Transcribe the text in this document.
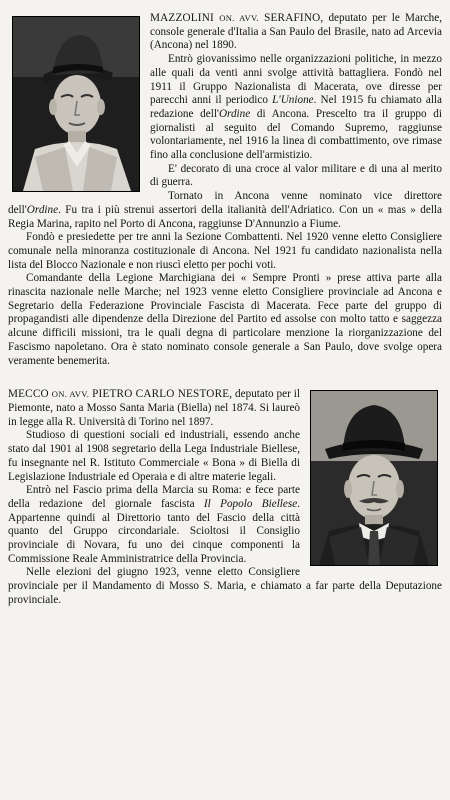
MAZZOLINI ON. AVV. SERAFINO, deputato per le Marche, console generale d'Italia a San Paulo del Brasile, nato ad Arcevia (Ancona) nel 1890.

Entrò giovanissimo nelle organizzazioni politiche, in mezzo alle quali da venti anni svolge attività battagliera. Fondò nel 1911 il Gruppo Nazionalista di Macerata, ove diresse per parecchi anni il periodico L'Unione. Nel 1915 fu chiamato alla redazione dell'Ordine di Ancona. Prescelto tra il gruppo di giornalisti al seguito del Comando Supremo, raggiunse volontariamente, nel 1916 la linea di combattimento, ove rimase fino alla conclusione dell'armistizio.

E' decorato di una croce al valor militare e di una al merito di guerra.

Tornato in Ancona venne nominato vice direttore dell'Ordine. Fu tra i più strenui assertori della italianità dell'Adriatico. Con un « mas » della Regia Marina, rapito nel Porto di Ancona, raggiunse D'Annunzio a Fiume.

Fondò e presiedette per tre anni la Sezione Combattenti. Nel 1920 venne eletto Consigliere comunale nella minoranza costituzionale di Ancona. Nel 1921 fu candidato nazionalista nella lista del Blocco Nazionale e non riuscì eletto per pochi voti.

Comandante della Legione Marchigiana dei « Sempre Pronti » prese attiva parte alla rinascita nazionale nelle Marche; nel 1923 venne eletto Consigliere provinciale ad Ancona e Segretario della Federazione Provinciale Fascista di Macerata. Fece parte del gruppo di propagandisti alle dipendenze della Direzione del Partito ed assolse con molto tatto e saggezza alcune difficili missioni, tra le quali degna di particolare menzione la riorganizzazione del Fascismo napoletano. Ora è stato nominato console generale a San Paulo, dove svolge opera veramente benemerita.

MECCO ON. AVV. PIETRO CARLO NESTORE, deputato per il Piemonte, nato a Mosso Santa Maria (Biella) nel 1874. Si laureò in legge alla R. Università di Torino nel 1897.

Studioso di questioni sociali ed industriali, essendo anche stato dal 1901 al 1908 segretario della Lega Industriale Biellese, fu insegnante nel R. Istituto Commerciale « Bona » di Biella di Legislazione Industriale ed Operaia e di altre materie legali.

Entrò nel Fascio prima della Marcia su Roma: e fece parte della redazione del giornale fascista Il Popolo Biellese. Appartenne quindi al Direttorio tanto del Fascio della città quanto del Gruppo circondariale. Scioltosi il Consiglio provinciale di Novara, fu uno dei cinque componenti la Commissione Reale Amministratrice della Provincia.

Nelle elezioni del giugno 1923, venne eletto Consigliere provinciale per il Mandamento di Mosso S. Maria, e chiamato a far parte della Deputazione provinciale.
